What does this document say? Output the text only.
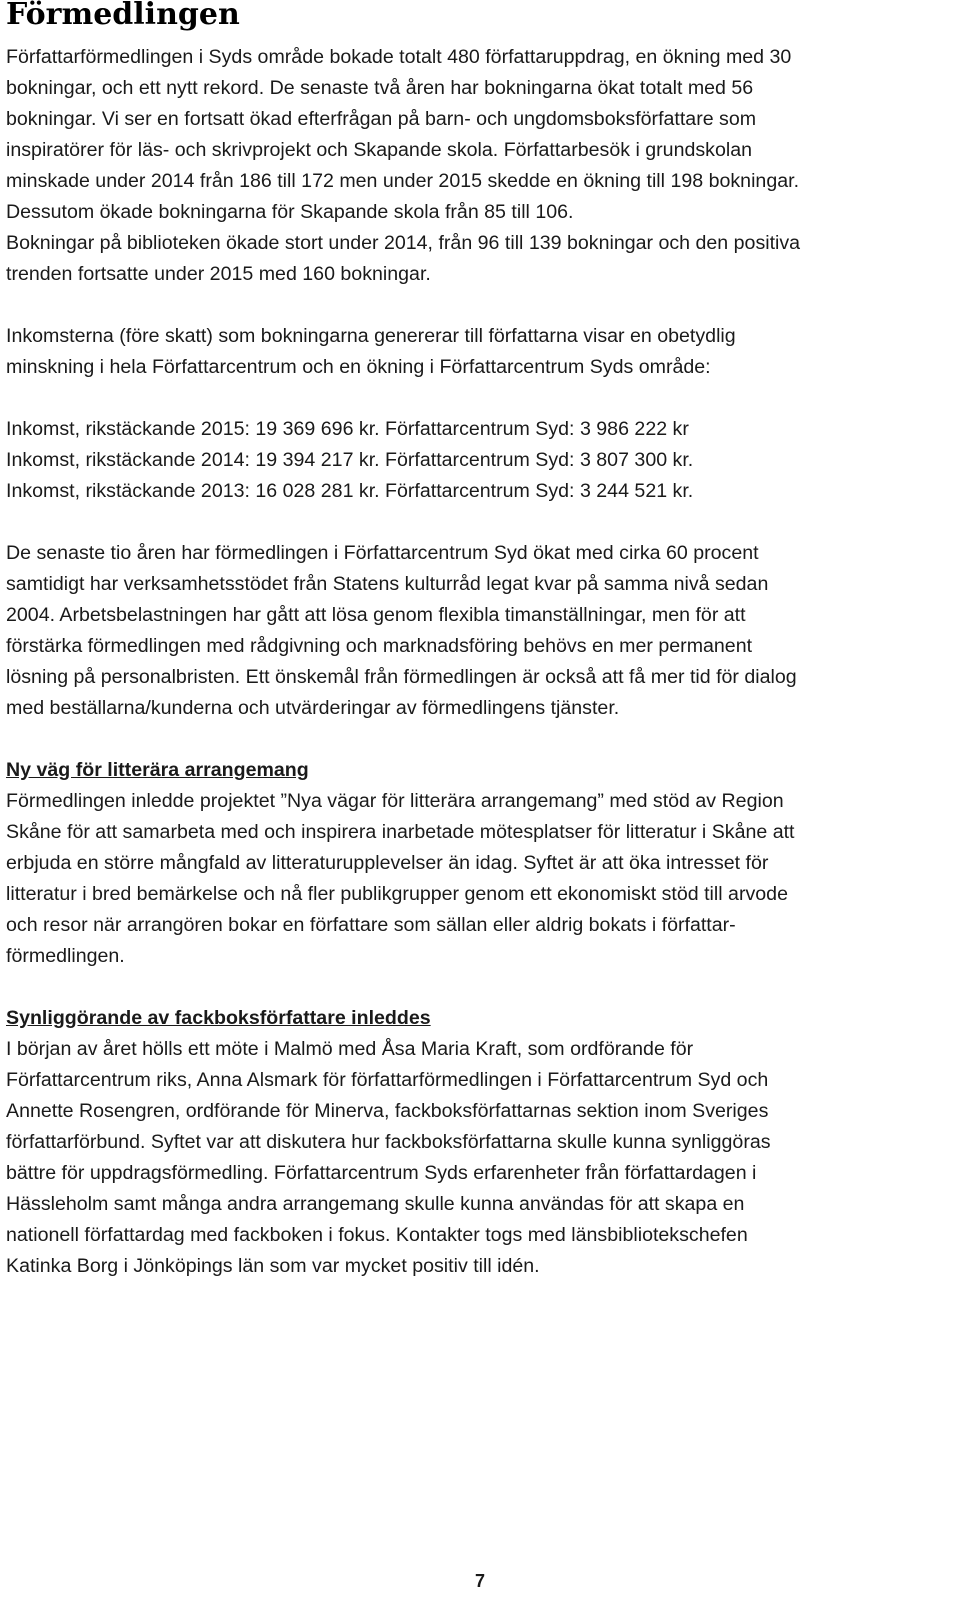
Förmedlingen
Författarförmedlingen i Syds område bokade totalt 480 författaruppdrag, en ökning med 30
bokningar, och ett nytt rekord. De senaste två åren har bokningarna ökat totalt med 56
bokningar. Vi ser en fortsatt ökad efterfrågan på barn- och ungdomsboksförfattare som
inspiratörer för läs- och skrivprojekt och Skapande skola. Författarbesök i grundskolan
minskade under 2014 från 186 till 172 men under 2015 skedde en ökning till 198 bokningar.
Dessutom ökade bokningarna för Skapande skola från 85 till 106.
Bokningar på biblioteken ökade stort under 2014, från 96 till 139 bokningar och den positiva
trenden fortsatte under 2015 med 160 bokningar.
Inkomsterna (före skatt) som bokningarna genererar till författarna visar en obetydlig
minskning i hela Författarcentrum och en ökning i Författarcentrum Syds område:
Inkomst, rikstäckande 2015: 19 369 696 kr. Författarcentrum Syd: 3 986 222 kr
Inkomst, rikstäckande 2014: 19 394 217 kr. Författarcentrum Syd: 3 807 300 kr.
Inkomst, rikstäckande 2013: 16 028 281 kr. Författarcentrum Syd: 3 244 521 kr.
De senaste tio åren har förmedlingen i Författarcentrum Syd ökat med cirka 60 procent
samtidigt har verksamhetsstödet från Statens kulturråd legat kvar på samma nivå sedan
2004. Arbetsbelastningen har gått att lösa genom flexibla timanställningar, men för att
förstärka förmedlingen med rådgivning och marknadsföring behövs en mer permanent
lösning på personalbristen. Ett önskemål från förmedlingen är också att få mer tid för dialog
med beställarna/kunderna och utvärderingar av förmedlingens tjänster.
Ny väg för litterära arrangemang
Förmedlingen inledde projektet ”Nya vägar för litterära arrangemang” med stöd av Region
Skåne för att samarbeta med och inspirera inarbetade mötesplatser för litteratur i Skåne att
erbjuda en större mångfald av litteraturupplevelser än idag. Syftet är att öka intresset för
litteratur i bred bemärkelse och nå fler publikgrupper genom ett ekonomiskt stöd till arvode
och resor när arrangören bokar en författare som sällan eller aldrig bokats i författar-
förmedlingen.
Synliggörande av fackboksförfattare inleddes
I början av året hölls ett möte i Malmö med Åsa Maria Kraft, som ordförande för
Författarcentrum riks, Anna Alsmark för författarförmedlingen i Författarcentrum Syd och
Annette Rosengren, ordförande för Minerva, fackboksförfattarnas sektion inom Sveriges
författarförbund. Syftet var att diskutera hur fackboksförfattarna skulle kunna synliggöras
bättre för uppdragsförmedling. Författarcentrum Syds erfarenheter från författardagen i
Hässleholm samt många andra arrangemang skulle kunna användas för att skapa en
nationell författardag med fackboken i fokus. Kontakter togs med länsbibliotekschefen
Katinka Borg i Jönköpings län som var mycket positiv till idén.
7
